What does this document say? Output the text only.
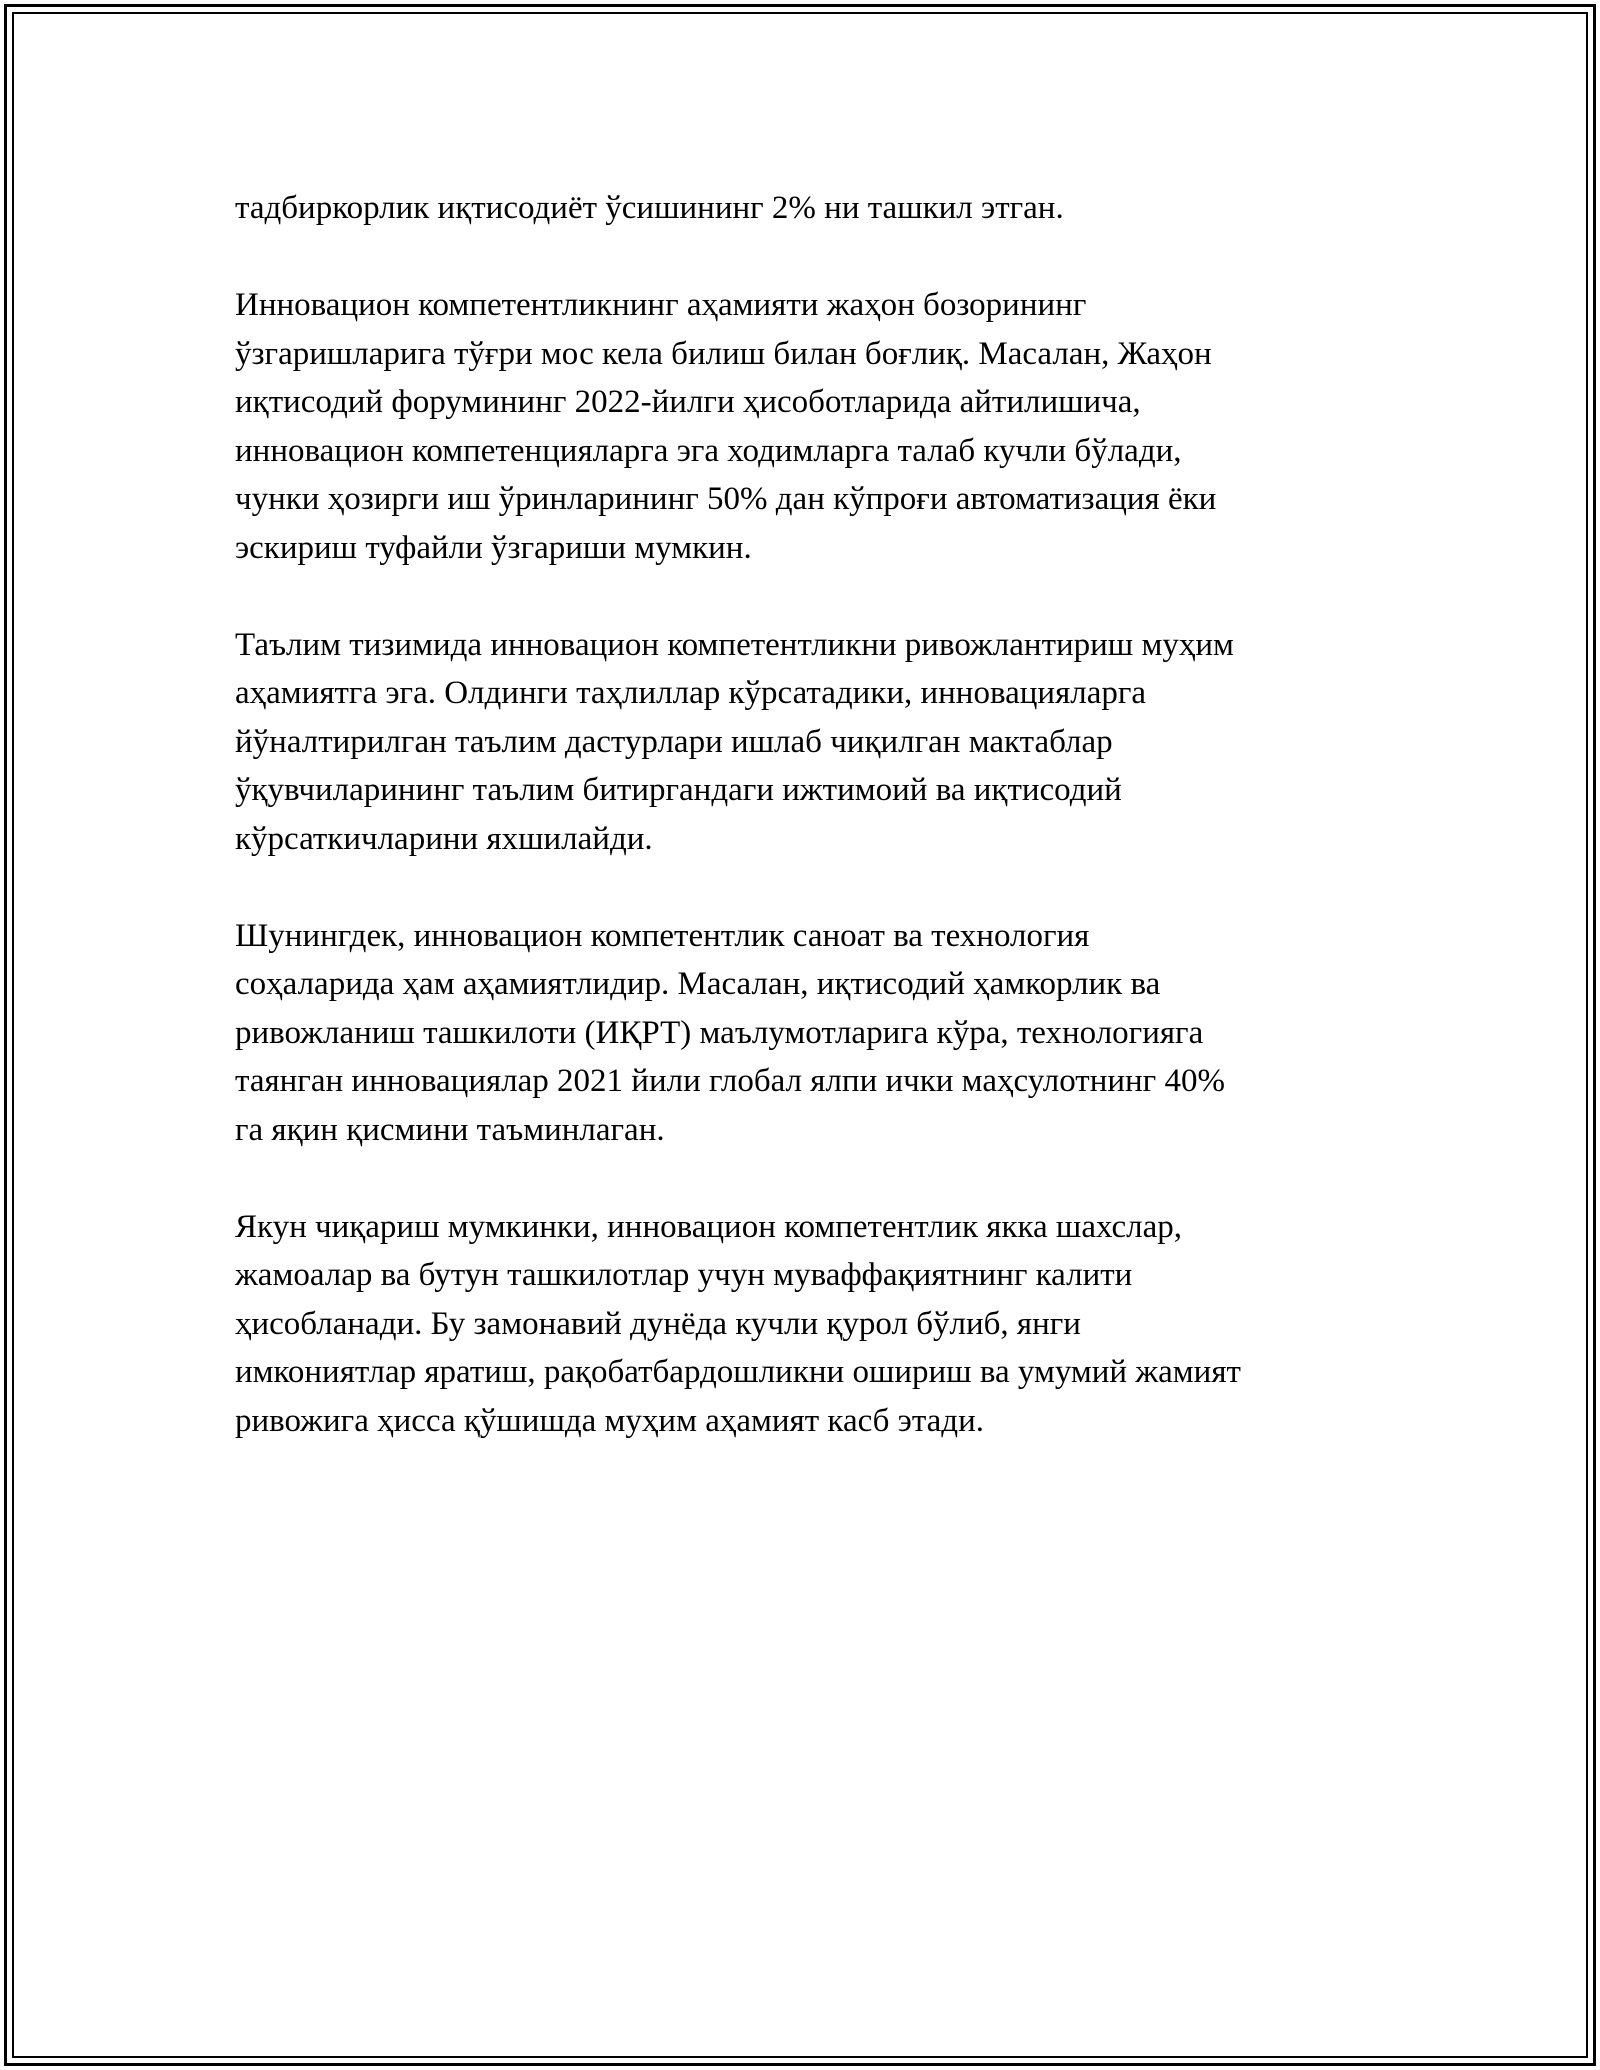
тадбиркорлик иқтисодиёт ўсишининг 2% ни ташкил этган.

Инновацион компетентликнинг аҳамияти жаҳон бозорининг
ўзгаришларига тўғри мос кела билиш билан боғлиқ. Масалан, Жаҳон
иқтисодий форумининг 2022-йилги ҳисоботларида айтилишича,
инновацион компетенцияларга эга ходимларга талаб кучли бўлади,
чунки ҳозирги иш ўринларининг 50% дан кўпроғи автоматизация ёки
эскириш туфайли ўзгариши мумкин.

Таълим тизимида инновацион компетентликни ривожлантириш муҳим
аҳамиятга эга. Олдинги таҳлиллар кўрсатадики, инновацияларга
йўналтирилган таълим дастурлари ишлаб чиқилган мактаблар
ўқувчиларининг таълим битиргандаги ижтимоий ва иқтисодий
кўрсаткичларини яхшилайди.

Шунингдек, инновацион компетентлик саноат ва технология
соҳаларида ҳам аҳамиятлидир. Масалан, иқтисодий ҳамкорлик ва
ривожланиш ташкилоти (ИҚРТ) маълумотларига кўра, технологияга
таянган инновациялар 2021 йили глобал ялпи ички маҳсулотнинг 40%
га яқин қисмини таъминлаган.

Якун чиқариш мумкинки, инновацион компетентлик якка шахслар,
жамоалар ва бутун ташкилотлар учун муваффақиятнинг калити
ҳисобланади. Бу замонавий дунёда кучли қурол бўлиб, янги
имкониятлар яратиш, рақобатбардошликни ошириш ва умумий жамият
ривожига ҳисса қўшишда муҳим аҳамият касб этади.
